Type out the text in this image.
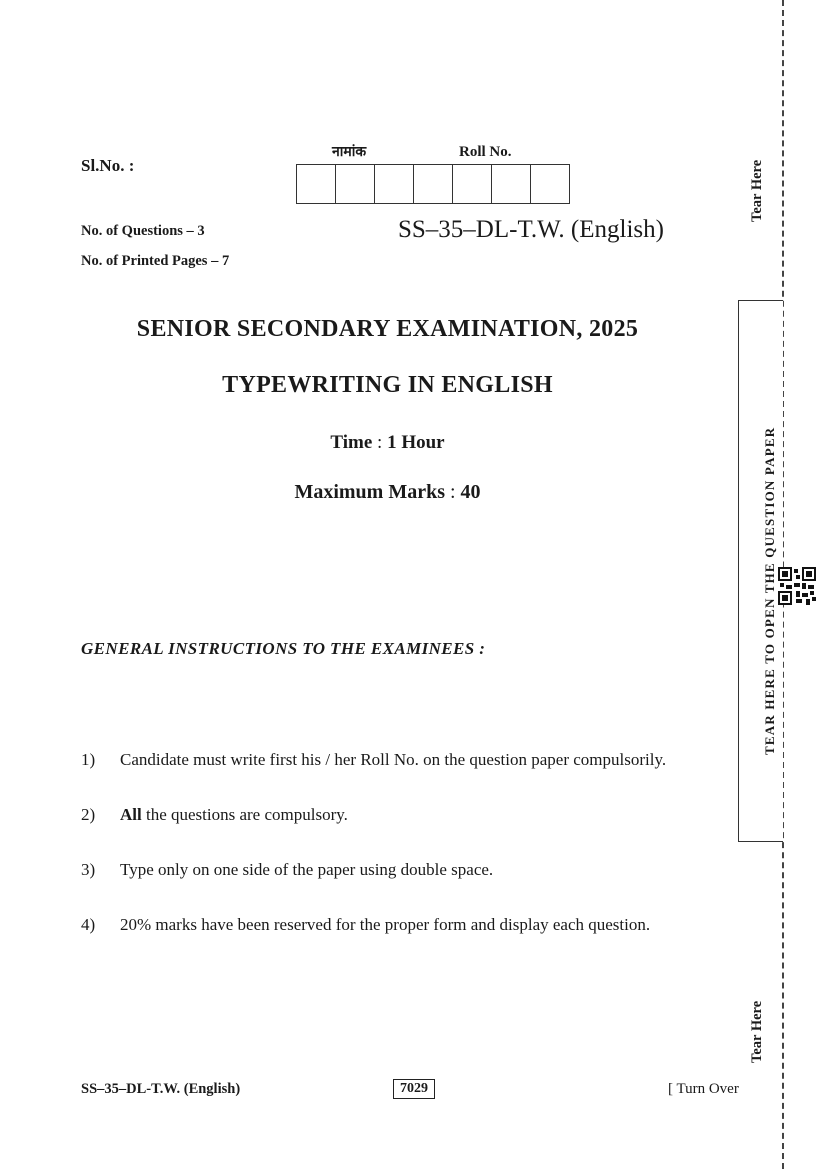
Sl.No. :
नामांक	Roll No.
No. of Questions – 3
No. of Printed Pages – 7
SS–35–DL-T.W. (English)
SENIOR SECONDARY EXAMINATION, 2025
TYPEWRITING IN ENGLISH
Time : 1 Hour
Maximum Marks : 40
GENERAL INSTRUCTIONS TO THE EXAMINEES :
1)	Candidate must write first his / her Roll No. on the question paper compulsorily.
2)	All the questions are compulsory.
3)	Type only on one side of the paper using double space.
4)	20% marks have been reserved for the proper form and display each question.
SS–35–DL-T.W. (English)	7029	[ Turn Over
Tear Here
Tear Here
TEAR HERE TO OPEN THE QUESTION PAPER
